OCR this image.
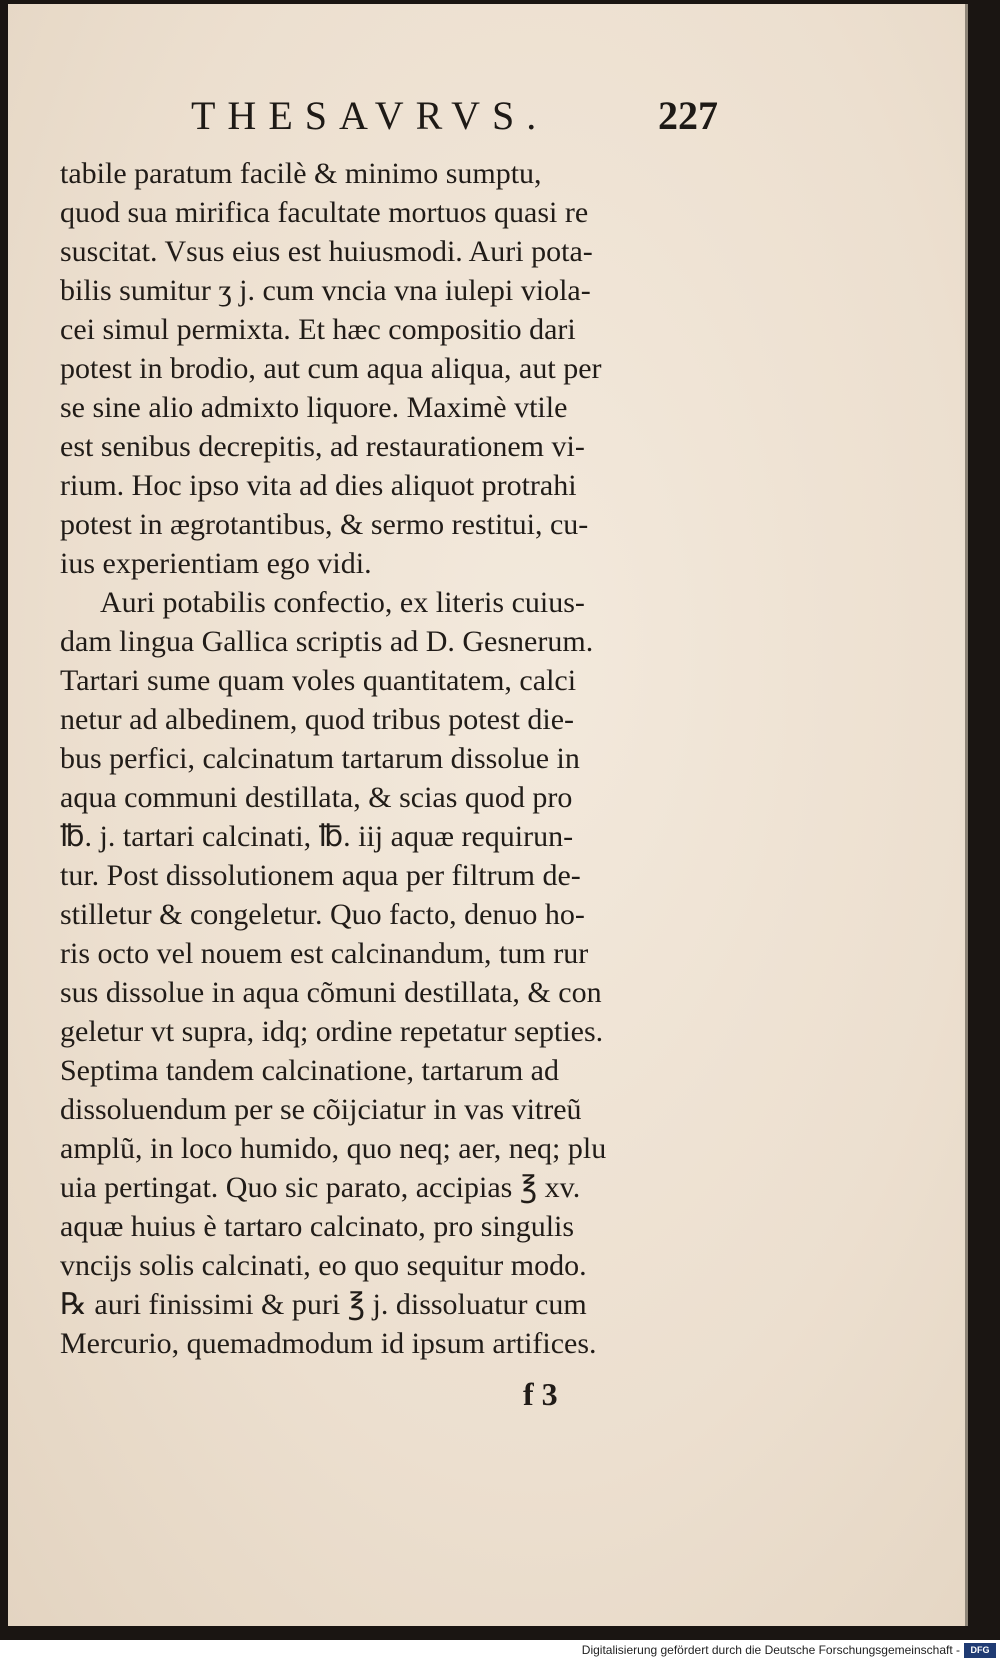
THESAVRVS.	227
tabile paratum facilè & minimo sumptu,
quod sua mirifica facultate mortuos quasi re
suscitat. Vsus eius est huiusmodi. Auri pota-
bilis sumitur ʒ j. cum vncia vna iulepi viola-
cei simul permixta. Et hæc compositio dari
potest in brodio, aut cum aqua aliqua, aut per
se sine alio admixto liquore. Maximè vtile
est senibus decrepitis, ad restaurationem vi-
rium. Hoc ipso vita ad dies aliquot protrahi
potest in ægrotantibus, & sermo restitui, cu-
ius experientiam ego vidi.
Auri potabilis confectio, ex literis cuius-
dam lingua Gallica scriptis ad D. Gesnerum.
Tartari sume quam voles quantitatem, calci
netur ad albedinem, quod tribus potest die-
bus perfici, calcinatum tartarum dissolue in
aqua communi destillata, & scias quod pro
℔. j. tartari calcinati, ℔. iij aquæ requirun-
tur. Post dissolutionem aqua per filtrum de-
stilletur & congeletur. Quo facto, denuo ho-
ris octo vel nouem est calcinandum, tum rur
sus dissolue in aqua cõmuni destillata, & con
geletur vt supra, idq; ordine repetatur septies.
Septima tandem calcinatione, tartarum ad
dissoluendum per se cõijciatur in vas vitreũ
amplũ, in loco humido, quo neq; aer, neq; plu
uia pertingat. Quo sic parato, accipias ℥ xv.
aquæ huius è tartaro calcinato, pro singulis
vncijs solis calcinati, eo quo sequitur modo.
℞ auri finissimi & puri ℥ j. dissoluatur cum
Mercurio, quemadmodum id ipsum artifices.
f 3
Digitalisierung gefördert durch die Deutsche Forschungsgemeinschaft -	DFG
